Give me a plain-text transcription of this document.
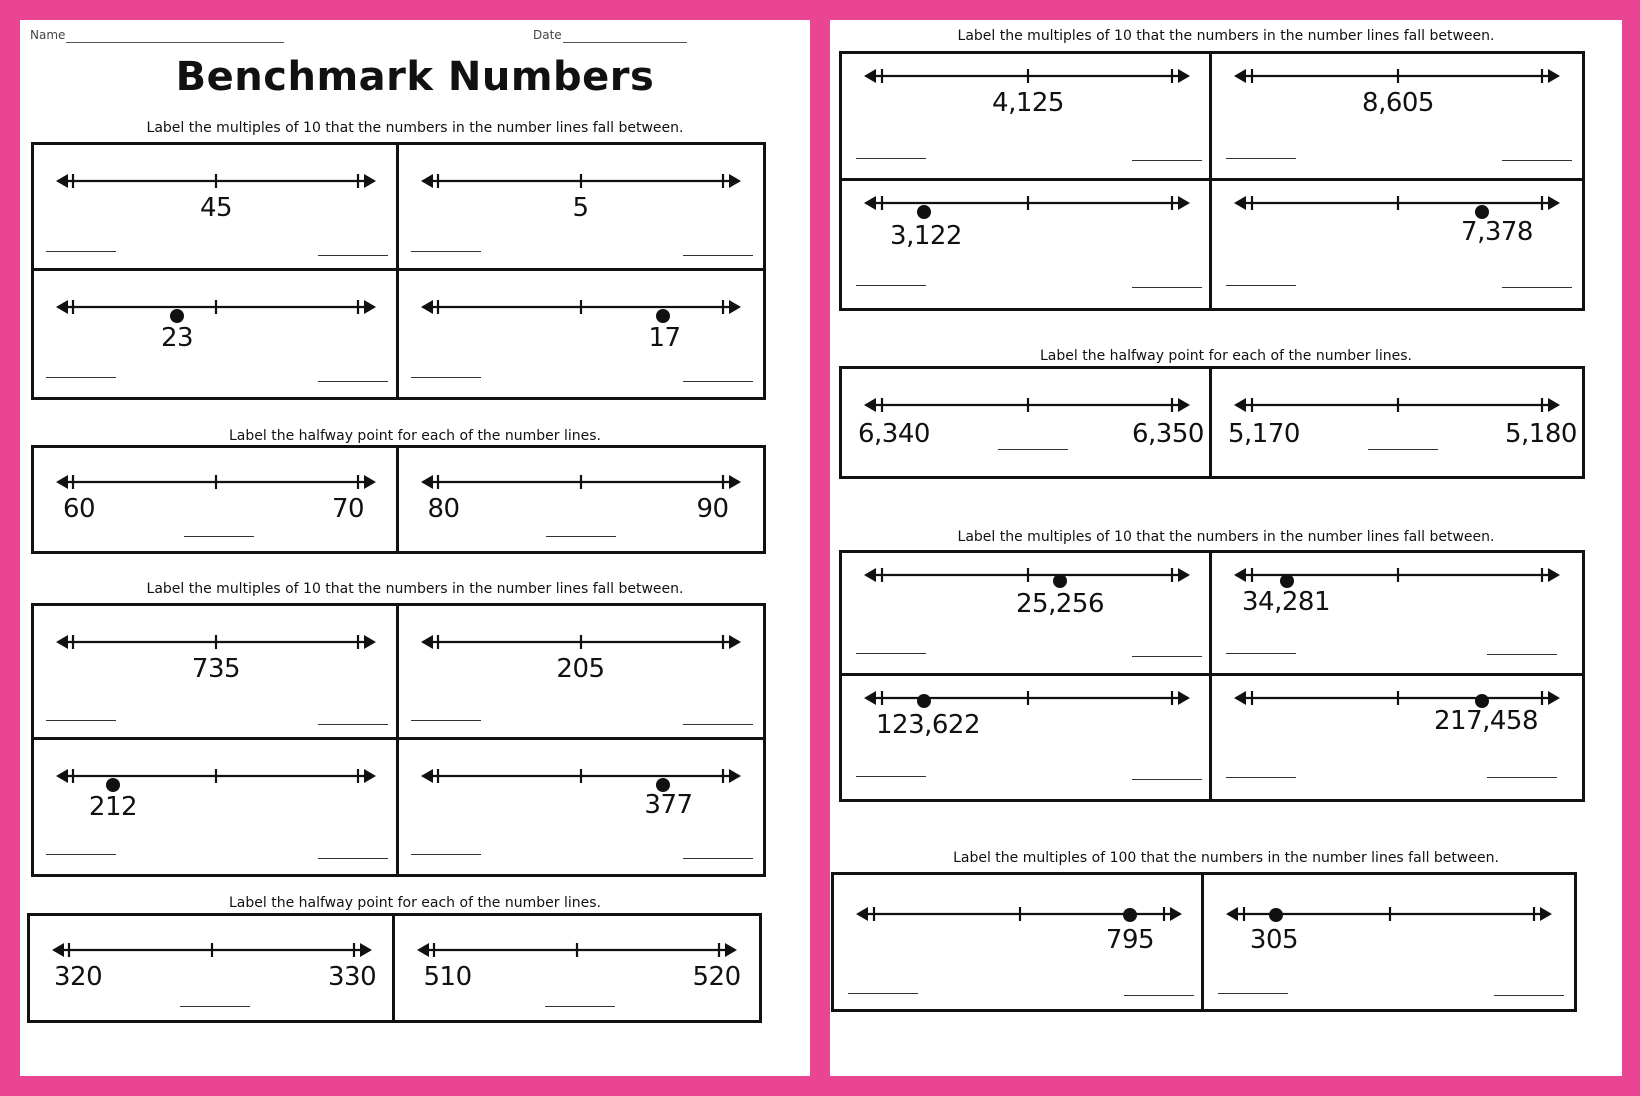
Name	Date
Benchmark Numbers
Label the multiples of 10 that the numbers in the number lines fall between.
45	5
23	17
Label the halfway point for each of the number lines.
60	70 80	90
Label the multiples of 10 that the numbers in the number lines fall between.
735	205
212	377
Label the halfway point for each of the number lines.
320	330 510	520
Label the multiples of 10 that the numbers in the number lines fall between.
4,125	8,605
3,122	7,378
Label the halfway point for each of the number lines.
6,340	6,350 5,170	5,180
Label the multiples of 10 that the numbers in the number lines fall between.
25,256	34,281
123,622	217,458
Label the multiples of 100 that the numbers in the number lines fall between.
795	305
